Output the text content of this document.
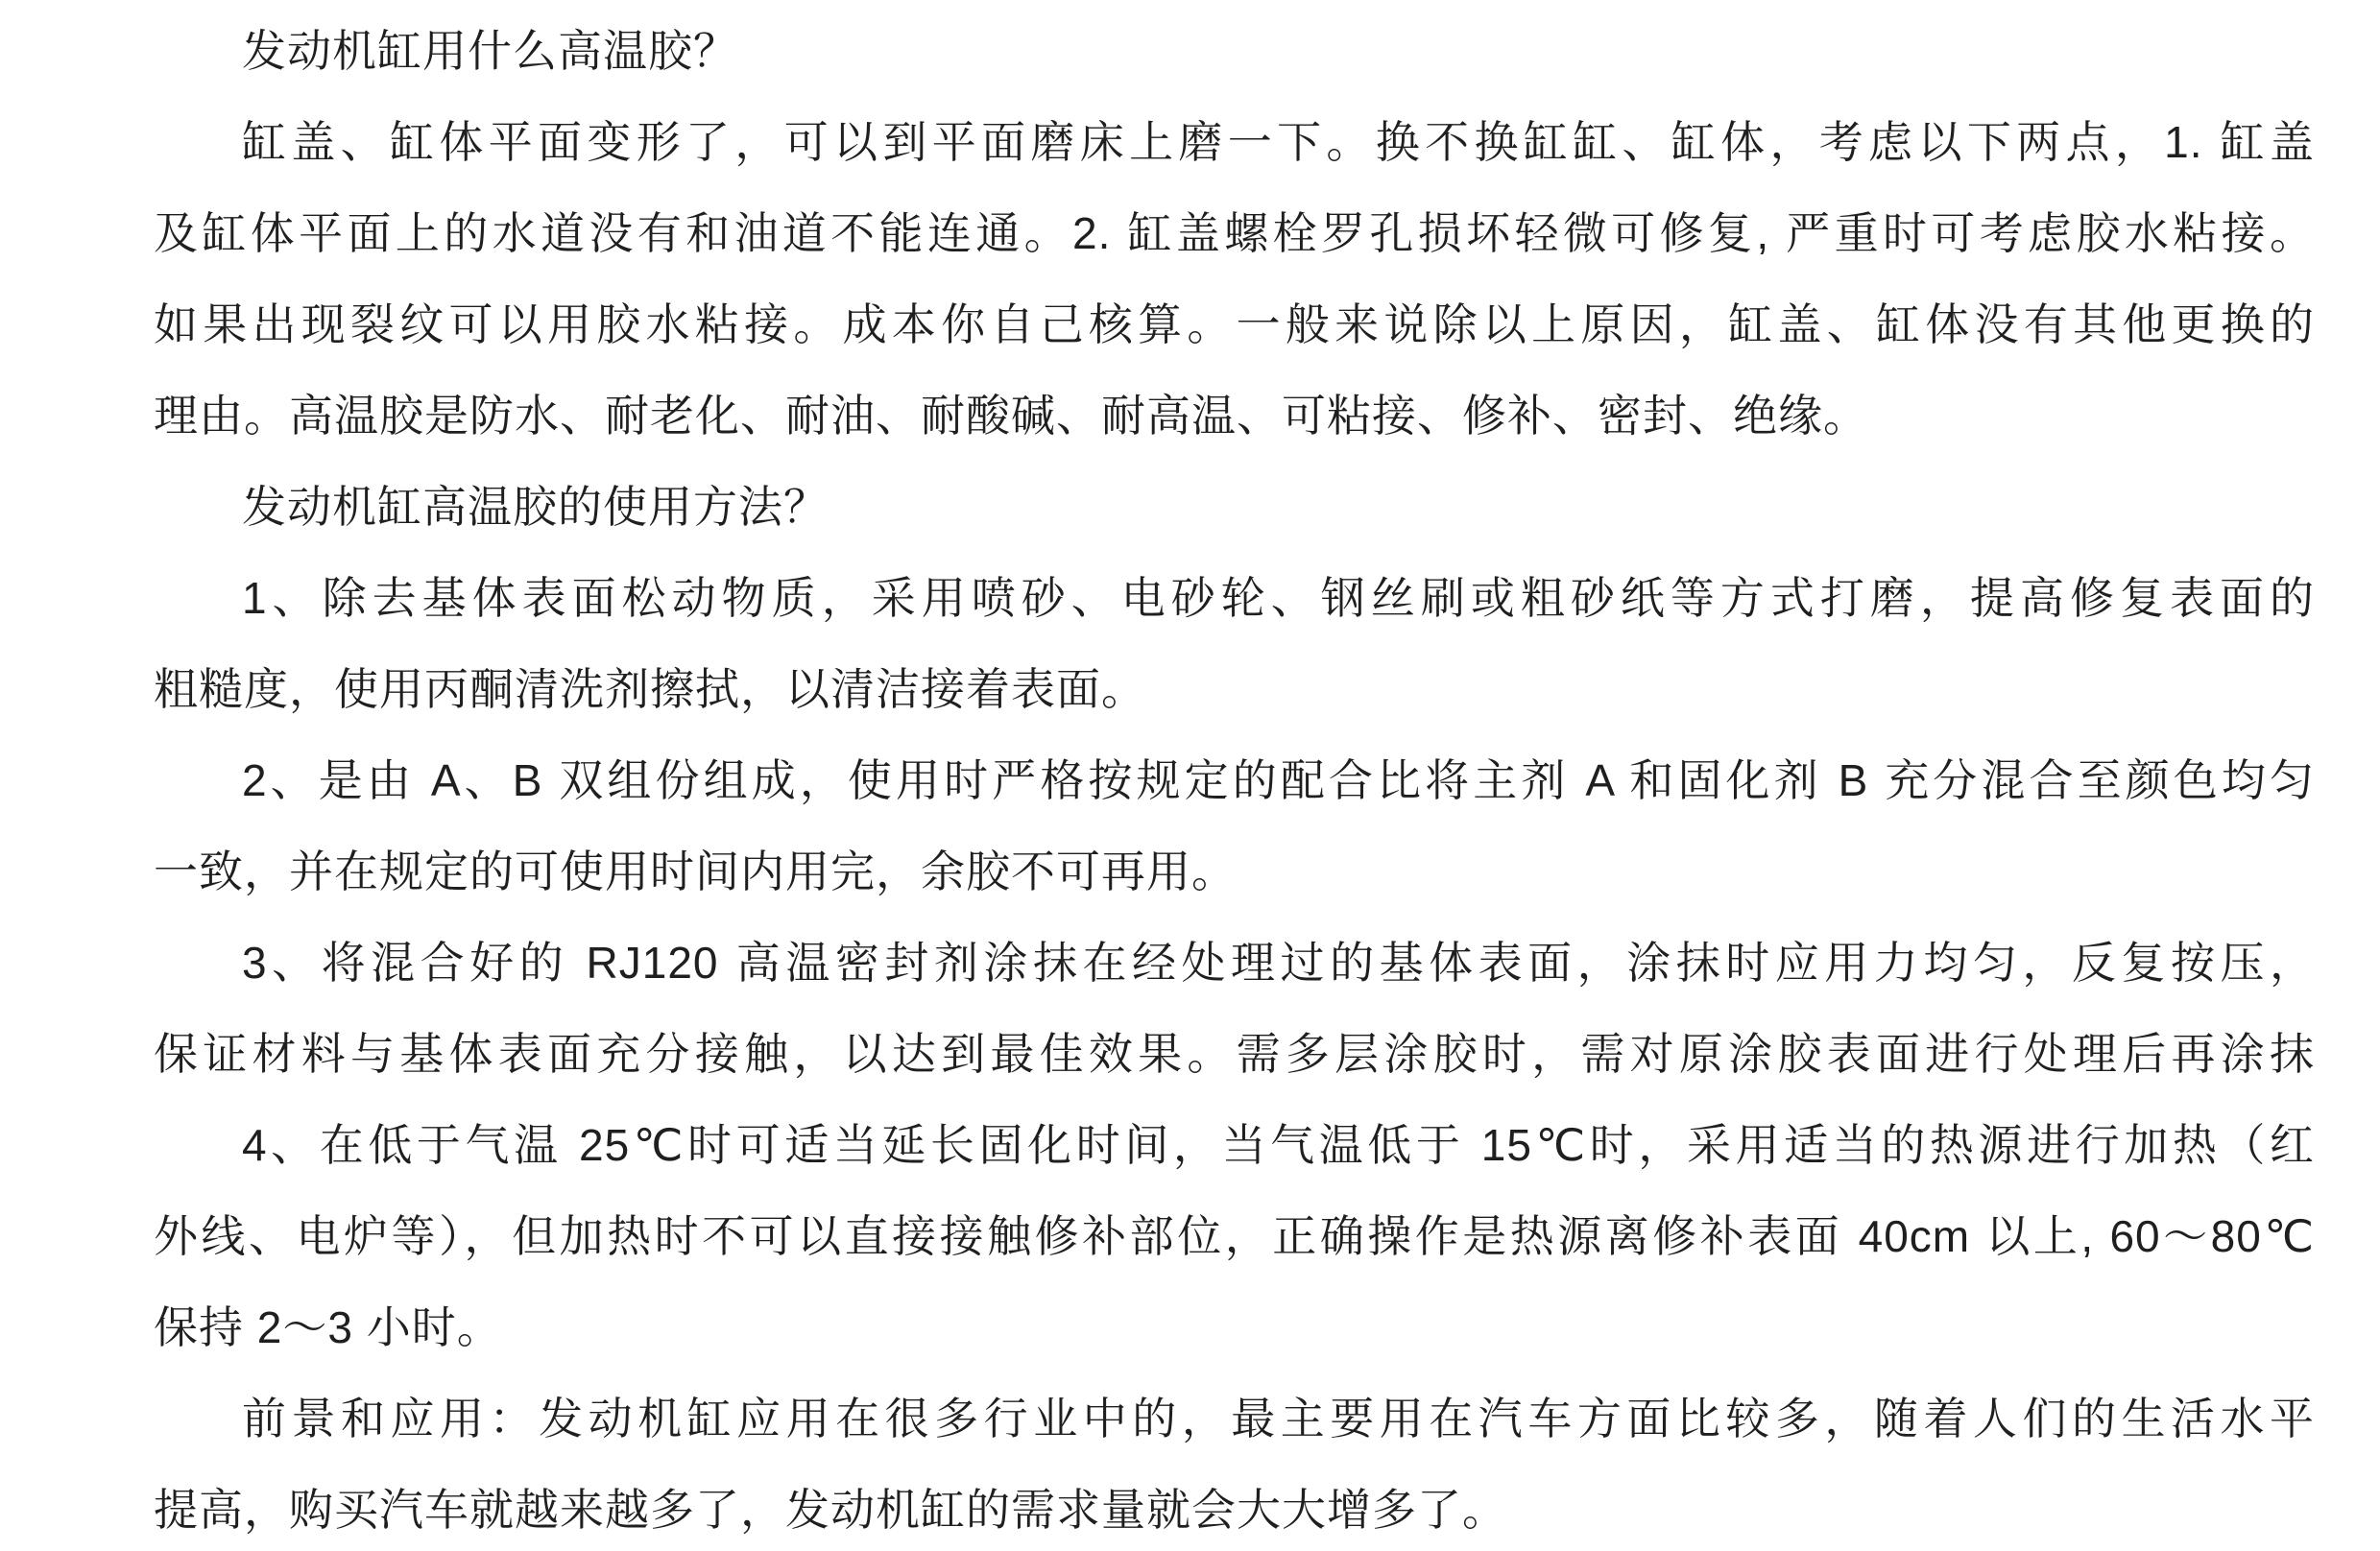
发动机缸用什么高温胶？
缸盖、缸体平面变形了，可以到平面磨床上磨一下。换不换缸缸、缸体，考虑以下两点，1. 缸盖
及缸体平面上的水道没有和油道不能连通。2. 缸盖螺栓罗孔损坏轻微可修复, 严重时可考虑胶水粘接。
如果出现裂纹可以用胶水粘接。成本你自己核算。一般来说除以上原因，缸盖、缸体没有其他更换的
理由。高温胶是防水、耐老化、耐油、耐酸碱、耐高温、可粘接、修补、密封、绝缘。
发动机缸高温胶的使用方法？
1、除去基体表面松动物质，采用喷砂、电砂轮、钢丝刷或粗砂纸等方式打磨，提高修复表面的
粗糙度，使用丙酮清洗剂擦拭，以清洁接着表面。
2、是由 A、B 双组份组成，使用时严格按规定的配合比将主剂 A 和固化剂 B 充分混合至颜色均匀
一致，并在规定的可使用时间内用完，余胶不可再用。
3、将混合好的 RJ120 高温密封剂涂抹在经处理过的基体表面，涂抹时应用力均匀，反复按压，
保证材料与基体表面充分接触，以达到最佳效果。需多层涂胶时，需对原涂胶表面进行处理后再涂抹
4、在低于气温 25℃时可适当延长固化时间，当气温低于 15℃时，采用适当的热源进行加热（红
外线、电炉等），但加热时不可以直接接触修补部位，正确操作是热源离修补表面 40cm 以上, 60～80℃
保持 2～3 小时。
前景和应用：发动机缸应用在很多行业中的，最主要用在汽车方面比较多，随着人们的生活水平
提高，购买汽车就越来越多了，发动机缸的需求量就会大大增多了。
